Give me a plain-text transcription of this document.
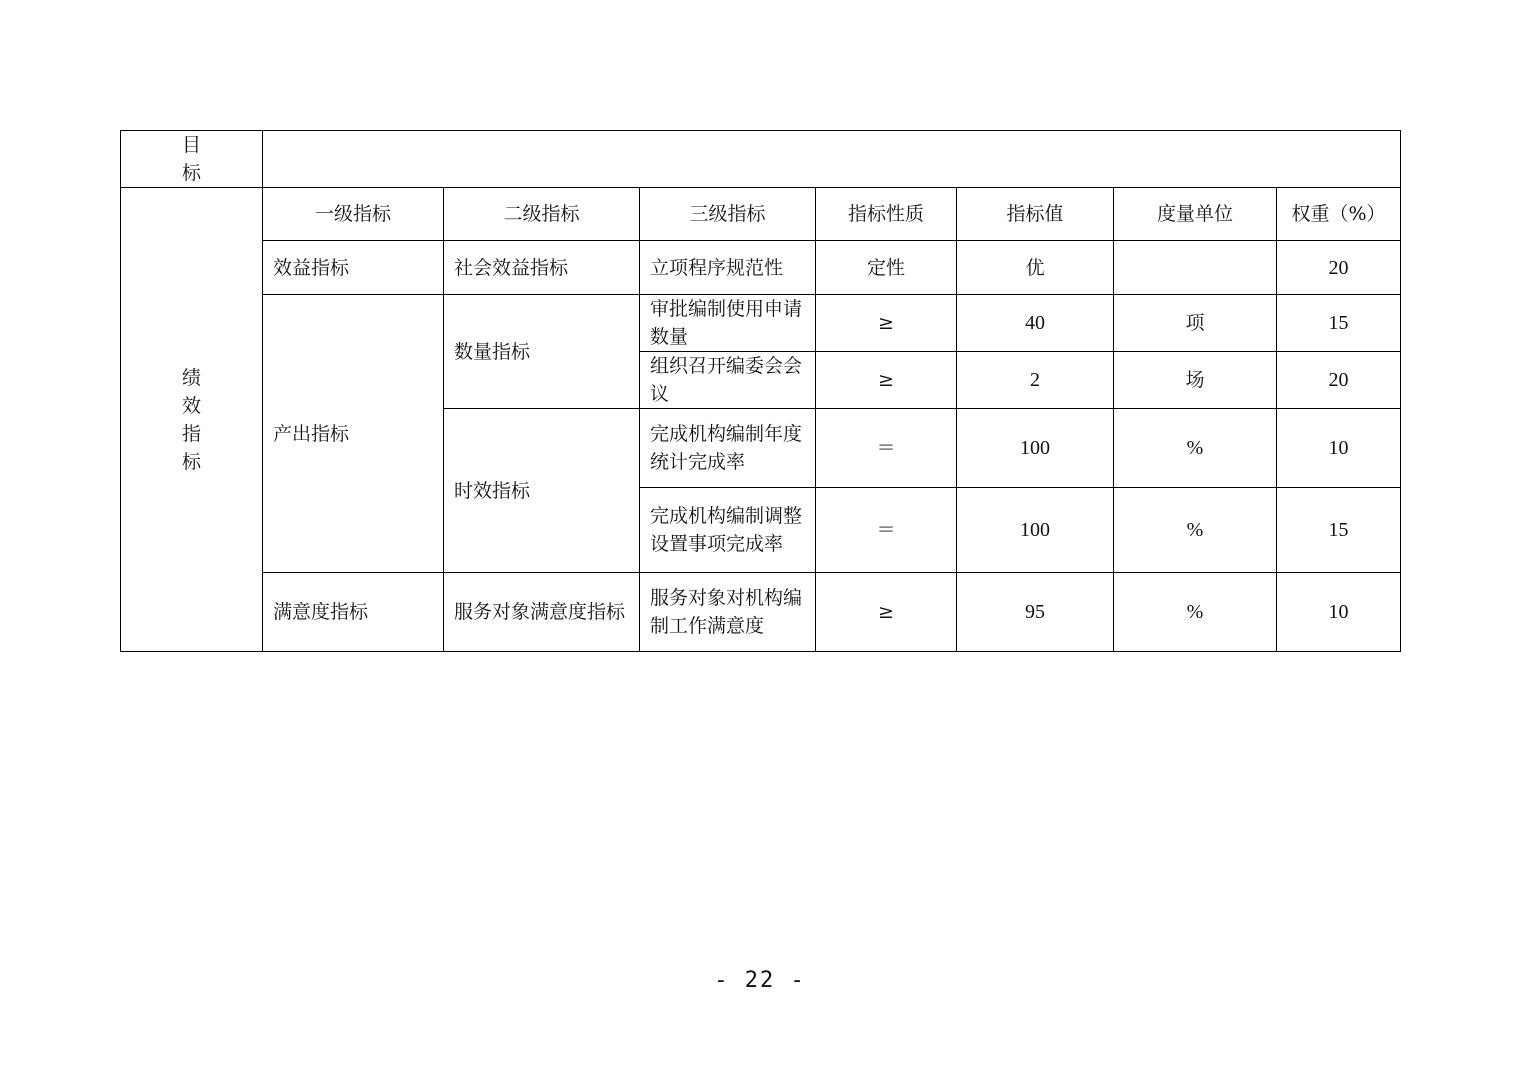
目
标							

绩
效
指
标	一级指标	二级指标	三级指标	指标性质	指标值	度量单位	权重（%）
	效益指标	社会效益指标	立项程序规范性	定性	优		20
	产出指标	数量指标	审批编制使用申请数量	≥	40	项	15
			组织召开编委会会议	≥	2	场	20
		时效指标	完成机构编制年度统计完成率	＝	100	%	10
			完成机构编制调整设置事项完成率	＝	100	%	15
	满意度指标	服务对象满意度指标	服务对象对机构编制工作满意度	≥	95	%	10
- 22 -
